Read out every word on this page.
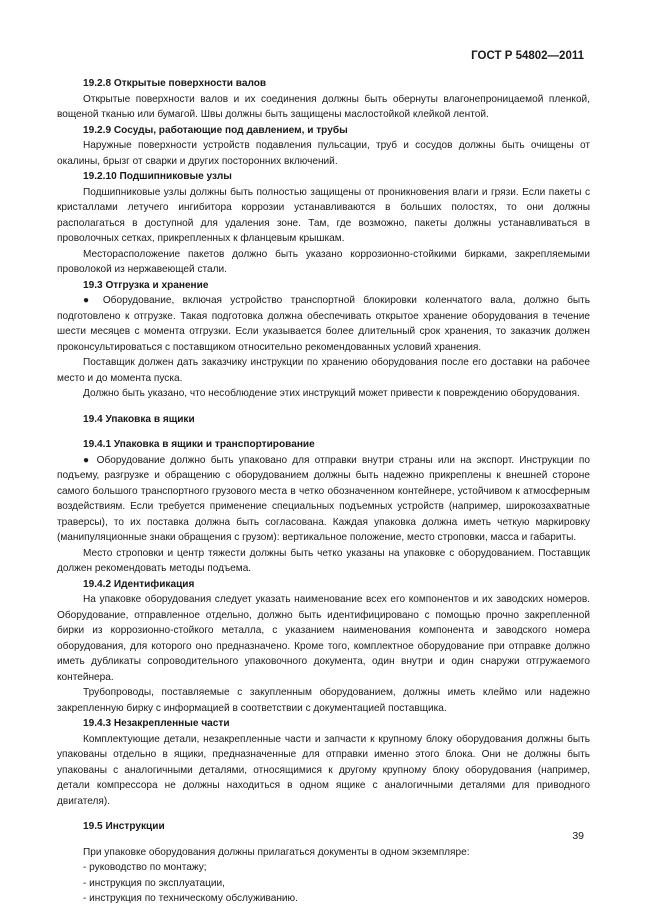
ГОСТ Р 54802—2011
19.2.8 Открытые поверхности валов
Открытые поверхности валов и их соединения должны быть обернуты влагонепроницаемой пленкой, вощеной тканью или бумагой. Швы должны быть защищены маслостойкой клейкой лентой.
19.2.9 Сосуды, работающие под давлением, и трубы
Наружные поверхности устройств подавления пульсации, труб и сосудов должны быть очищены от окалины, брызг от сварки и других посторонних включений.
19.2.10 Подшипниковые узлы
Подшипниковые узлы должны быть полностью защищены от проникновения влаги и грязи. Если пакеты с кристаллами летучего ингибитора коррозии устанавливаются в больших полостях, то они должны располагаться в доступной для удаления зоне. Там, где возможно, пакеты должны устанавливаться в проволочных сетках, прикрепленных к фланцевым крышкам.
Месторасположение пакетов должно быть указано коррозионно-стойкими бирками, закрепляемыми проволокой из нержавеющей стали.
19.3 Отгрузка и хранение
● Оборудование, включая устройство транспортной блокировки коленчатого вала, должно быть подготовлено к отгрузке. Такая подготовка должна обеспечивать открытое хранение оборудования в течение шести месяцев с момента отгрузки. Если указывается более длительный срок хранения, то заказчик должен проконсультироваться с поставщиком относительно рекомендованных условий хранения.
Поставщик должен дать заказчику инструкции по хранению оборудования после его доставки на рабочее место и до момента пуска.
Должно быть указано, что несоблюдение этих инструкций может привести к повреждению оборудования.
19.4 Упаковка в ящики
19.4.1 Упаковка в ящики и транспортирование
● Оборудование должно быть упаковано для отправки внутри страны или на экспорт. Инструкции по подъему, разгрузке и обращению с оборудованием должны быть надежно прикреплены к внешней стороне самого большого транспортного грузового места в четко обозначенном контейнере, устойчивом к атмосферным воздействиям. Если требуется применение специальных подъемных устройств (например, широкозахватные траверсы), то их поставка должна быть согласована. Каждая упаковка должна иметь четкую маркировку (манипуляционные знаки обращения с грузом): вертикальное положение, место строповки, масса и габариты.
Место строповки и центр тяжести должны быть четко указаны на упаковке с оборудованием. Поставщик должен рекомендовать методы подъема.
19.4.2 Идентификация
На упаковке оборудования следует указать наименование всех его компонентов и их заводских номеров. Оборудование, отправленное отдельно, должно быть идентифицировано с помощью прочно закрепленной бирки из коррозионно-стойкого металла, с указанием наименования компонента и заводского номера оборудования, для которого оно предназначено. Кроме того, комплектное оборудование при отправке должно иметь дубликаты сопроводительного упаковочного документа, один внутри и один снаружи отгружаемого контейнера.
Трубопроводы, поставляемые с закупленным оборудованием, должны иметь клеймо или надежно закрепленную бирку с информацией в соответствии с документацией поставщика.
19.4.3 Незакрепленные части
Комплектующие детали, незакрепленные части и запчасти к крупному блоку оборудования должны быть упакованы отдельно в ящики, предназначенные для отправки именно этого блока. Они не должны быть упакованы с аналогичными деталями, относящимися к другому крупному блоку оборудования (например, детали компрессора не должны находиться в одном ящике с аналогичными деталями для приводного двигателя).
19.5 Инструкции
При упаковке оборудования должны прилагаться документы в одном экземпляре:
- руководство по монтажу;
- инструкция по эксплуатации,
- инструкция по техническому обслуживанию.
39
